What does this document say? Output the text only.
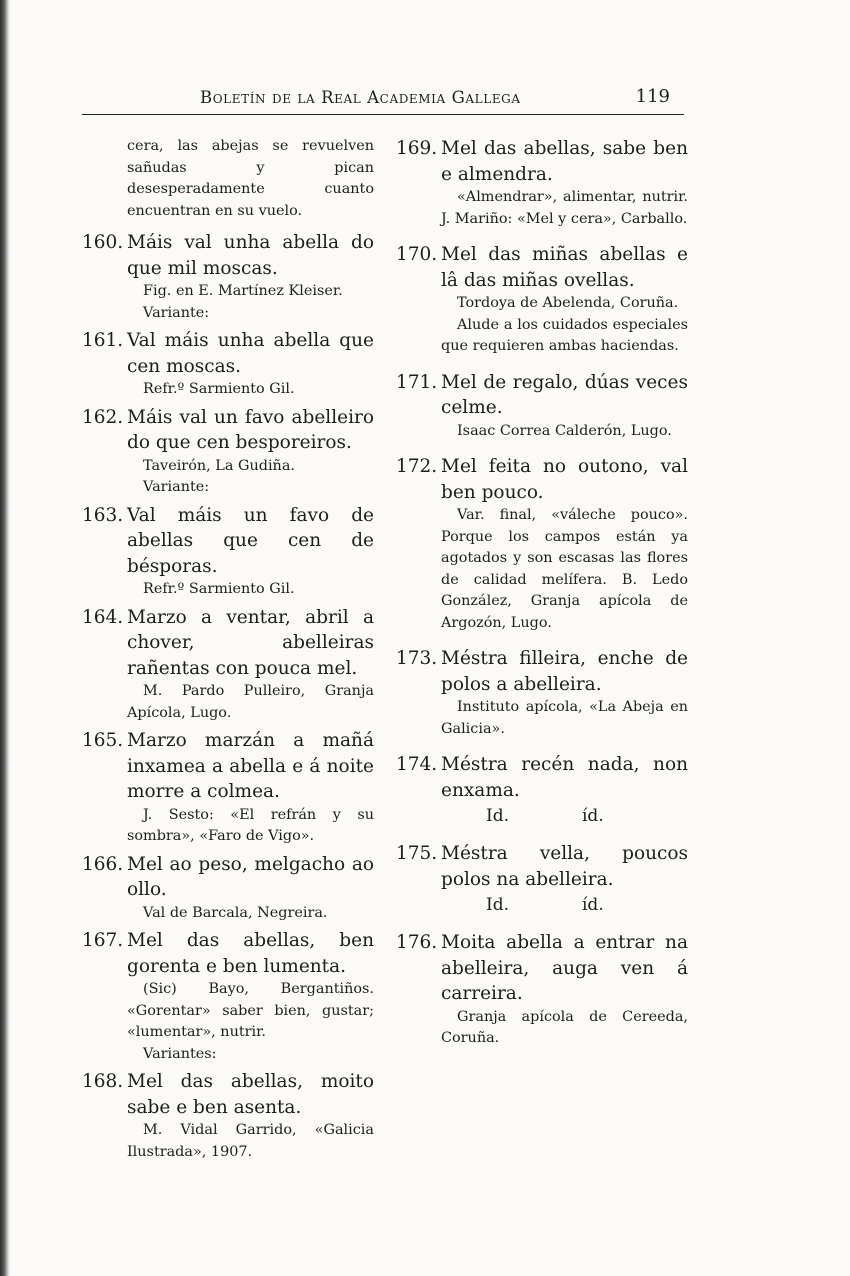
Boletín de la Real Academia Gallega	119
cera, las abejas se revuelven sañudas y pican desesperadamente cuanto encuentran en su vuelo.
160. Máis val unha abella do que mil moscas.
Fig. en E. Martínez Kleiser.
Variante:
161. Val máis unha abella que cen moscas.
Refr.º Sarmiento Gil.
162. Máis val un favo abelleiro do que cen besporeiros.
Taveirón, La Gudiña.
Variante:
163. Val máis un favo de abellas que cen de bésporas.
Refr.º Sarmiento Gil.
164. Marzo a ventar, abril a chover, abelleiras rañentas con pouca mel.
M. Pardo Pulleiro, Granja Apícola, Lugo.
165. Marzo marzán a mañá inxamea a abella e á noite morre a colmea.
J. Sesto: «El refrán y su sombra», «Faro de Vigo».
166. Mel ao peso, melgacho ao ollo.
Val de Barcala, Negreira.
167. Mel das abellas, ben gorenta e ben lumenta.
(Sic) Bayo, Bergantiños. «Gorentar» saber bien, gustar; «lumentar», nutrir.
Variantes:
168. Mel das abellas, moito sabe e ben asenta.
M. Vidal Garrido, «Galicia Ilustrada», 1907.
169. Mel das abellas, sabe ben e almendra.
«Almendrar», alimentar, nutrir. J. Mariño: «Mel y cera», Carballo.
170. Mel das miñas abellas e lâ das miñas ovellas.
Tordoya de Abelenda, Coruña.
Alude a los cuidados especiales que requieren ambas haciendas.
171. Mel de regalo, dúas veces celme.
Isaac Correa Calderón, Lugo.
172. Mel feita no outono, val ben pouco.
Var. final, «váleche pouco». Porque los campos están ya agotados y son escasas las flores de calidad melífera. B. Ledo González, Granja apícola de Argozón, Lugo.
173. Méstra filleira, enche de polos a abelleira.
Instituto apícola, «La Abeja en Galicia».
174. Méstra recén nada, non enxama.
Id.	íd.
175. Méstra vella, poucos polos na abelleira.
Id.	íd.
176. Moita abella a entrar na abelleira, auga ven á carreira.
Granja apícola de Cereeda, Coruña.
